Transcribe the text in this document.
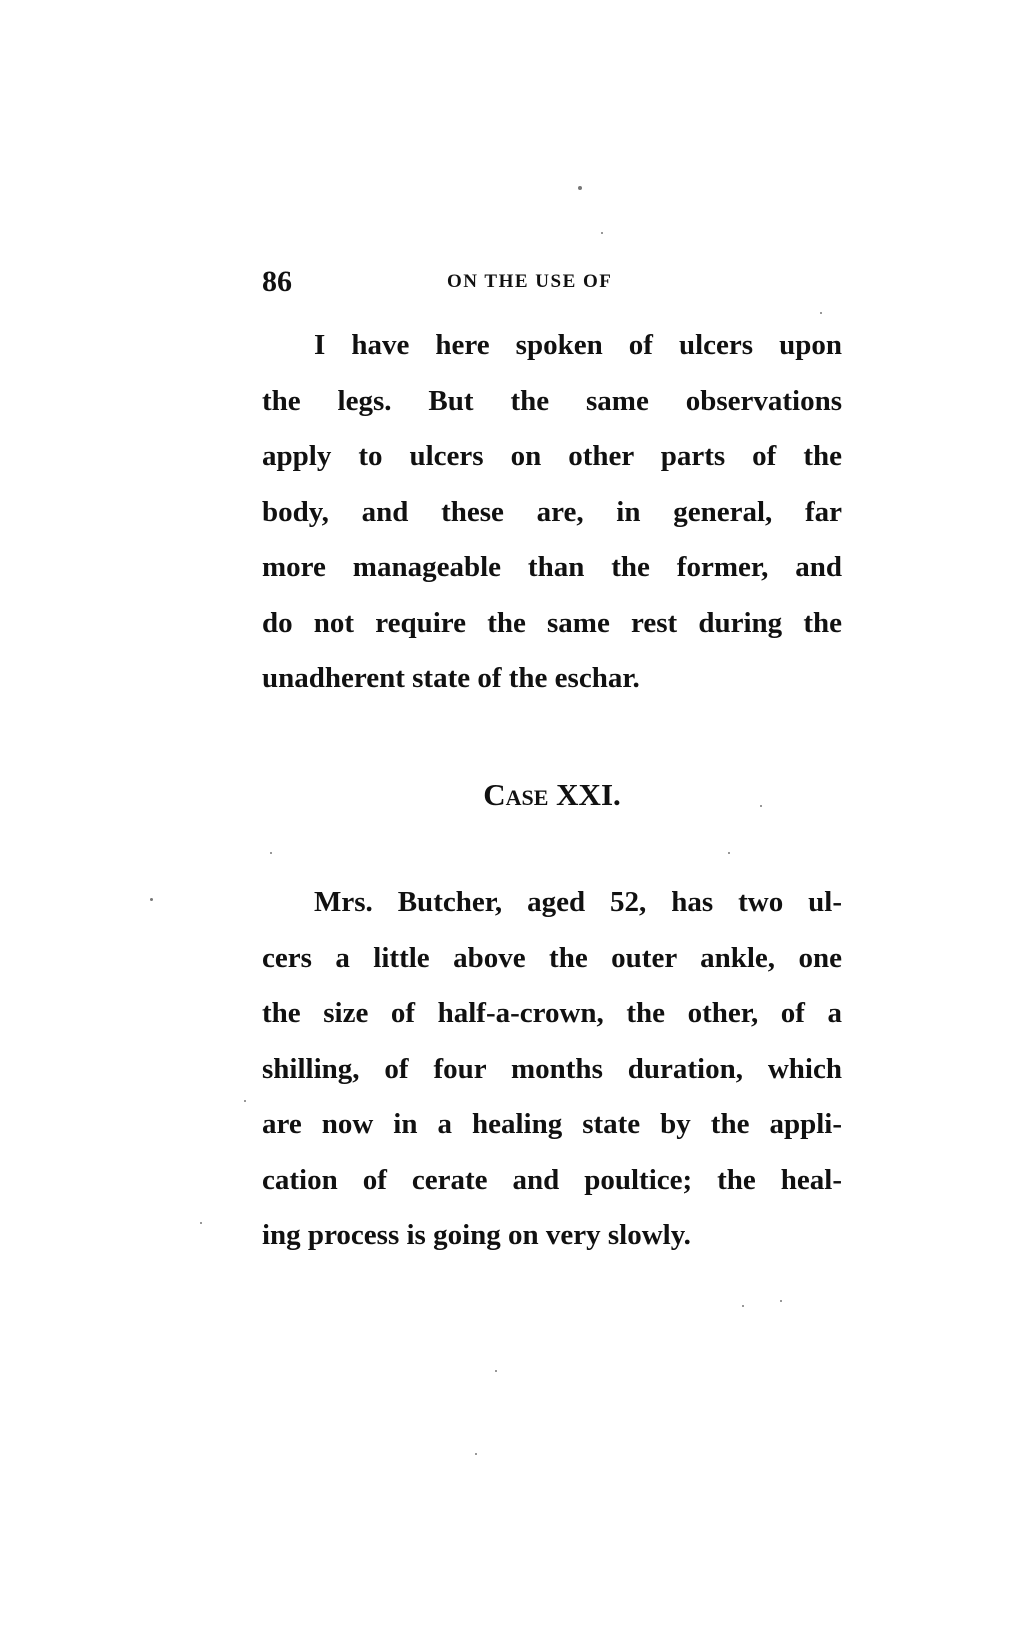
86	ON THE USE OF
I have here spoken of ulcers upon
the legs. But the same observations
apply to ulcers on other parts of the
body, and these are, in general, far
more manageable than the former, and
do not require the same rest during the
unadherent state of the eschar.
Case XXI.
Mrs. Butcher, aged 52, has two ul-
cers a little above the outer ankle, one
the size of half-a-crown, the other, of a
shilling, of four months duration, which
are now in a healing state by the appli-
cation of cerate and poultice; the heal-
ing process is going on very slowly.
